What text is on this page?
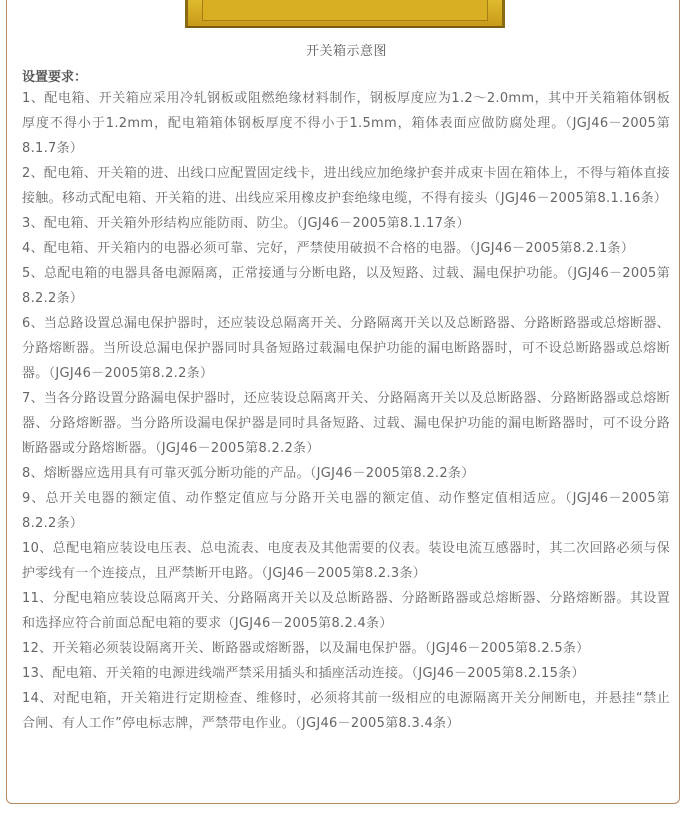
开关箱示意图
设置要求：

1、配电箱、开关箱应采用冷轧钢板或阻燃绝缘材料制作，钢板厚度应为1.2～2.0mm，其中开关箱箱体钢板厚度不得小于1.2mm，配电箱箱体钢板厚度不得小于1.5mm，箱体表面应做防腐处理。（JGJ46－2005第8.1.7条）

2、配电箱、开关箱的进、出线口应配置固定线卡，进出线应加绝缘护套并成束卡固在箱体上，不得与箱体直接接触。移动式配电箱、开关箱的进、出线应采用橡皮护套绝缘电缆，不得有接头（JGJ46－2005第8.1.16条）

3、配电箱、开关箱外形结构应能防雨、防尘。（JGJ46－2005第8.1.17条）

4、配电箱、开关箱内的电器必须可靠、完好，严禁使用破损不合格的电器。（JGJ46－2005第8.2.1条）

5、总配电箱的电器具备电源隔离，正常接通与分断电路，以及短路、过载、漏电保护功能。（JGJ46－2005第8.2.2条）

6、当总路设置总漏电保护器时，还应装设总隔离开关、分路隔离开关以及总断路器、分路断路器或总熔断器、分路熔断器。当所设总漏电保护器同时具备短路过载漏电保护功能的漏电断路器时，可不设总断路器或总熔断器。（JGJ46－2005第8.2.2条）

7、当各分路设置分路漏电保护器时，还应装设总隔离开关、分路隔离开关以及总断路器、分路断路器或总熔断器、分路熔断器。当分路所设漏电保护器是同时具备短路、过载、漏电保护功能的漏电断路器时，可不设分路断路器或分路熔断器。（JGJ46－2005第8.2.2条）

8、熔断器应选用具有可靠灭弧分断功能的产品。（JGJ46－2005第8.2.2条）

9、总开关电器的额定值、动作整定值应与分路开关电器的额定值、动作整定值相适应。（JGJ46－2005第8.2.2条）

10、总配电箱应装设电压表、总电流表、电度表及其他需要的仪表。装设电流互感器时，其二次回路必须与保护零线有一个连接点，且严禁断开电路。（JGJ46－2005第8.2.3条）

11、分配电箱应装设总隔离开关、分路隔离开关以及总断路器、分路断路器或总熔断器、分路熔断器。其设置和选择应符合前面总配电箱的要求（JGJ46－2005第8.2.4条）

12、开关箱必须装设隔离开关、断路器或熔断器，以及漏电保护器。（JGJ46－2005第8.2.5条）

13、配电箱、开关箱的电源进线端严禁采用插头和插座活动连接。（JGJ46－2005第8.2.15条）

14、对配电箱，开关箱进行定期检查、维修时，必须将其前一级相应的电源隔离开关分闸断电，并悬挂“禁止合闸、有人工作”停电标志牌，严禁带电作业。（JGJ46－2005第8.3.4条）
